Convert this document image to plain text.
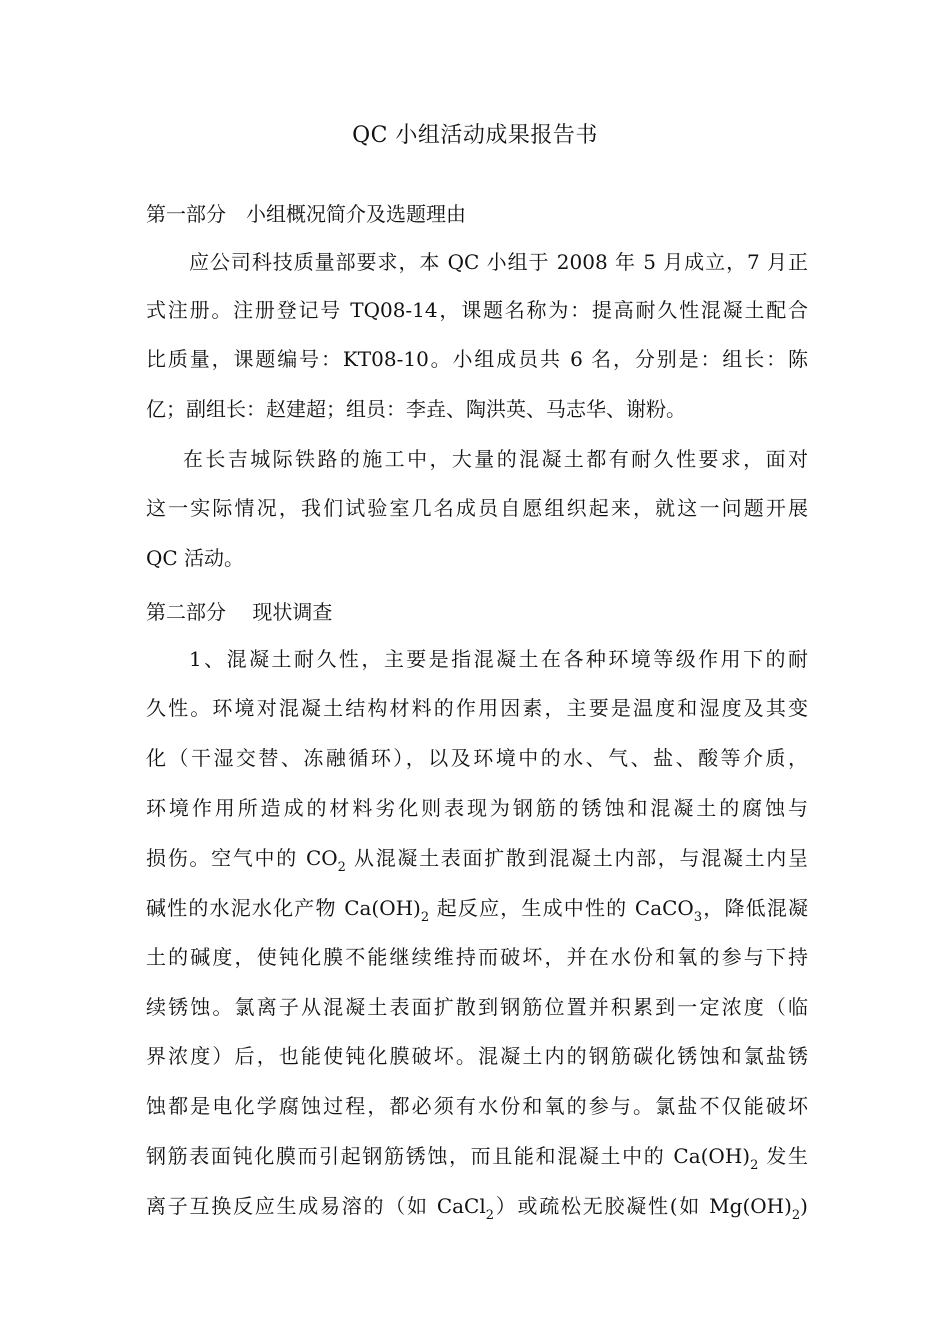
QC 小组活动成果报告书
第一部分　小组概况简介及选题理由
应公司科技质量部要求，本 QC 小组于 2008 年 5 月成立，7 月正
式注册。注册登记号 TQ08-14，课题名称为：提高耐久性混凝土配合
比质量，课题编号：KT08-10。小组成员共 6 名，分别是：组长：陈
亿；副组长：赵建超；组员：李垚、陶洪英、马志华、谢粉。
在长吉城际铁路的施工中，大量的混凝土都有耐久性要求，面对
这一实际情况，我们试验室几名成员自愿组织起来，就这一问题开展
QC 活动。
第二部分　 现状调查
1、混凝土耐久性，主要是指混凝土在各种环境等级作用下的耐
久性。环境对混凝土结构材料的作用因素，主要是温度和湿度及其变
化（干湿交替、冻融循环），以及环境中的水、气、盐、酸等介质，
环境作用所造成的材料劣化则表现为钢筋的锈蚀和混凝土的腐蚀与
损伤。空气中的 $CO_2$ 从混凝土表面扩散到混凝土内部，与混凝土内呈
碱性的水泥水化产物 $Ca(OH)_2$ 起反应，生成中性的 CaCO$_3$，降低混凝
土的碱度，使钝化膜不能继续维持而破坏，并在水份和氧的参与下持
续锈蚀。氯离子从混凝土表面扩散到钢筋位置并积累到一定浓度（临
界浓度）后，也能使钝化膜破坏。混凝土内的钢筋碳化锈蚀和氯盐锈
蚀都是电化学腐蚀过程，都必须有水份和氧的参与。氯盐不仅能破坏
钢筋表面钝化膜而引起钢筋锈蚀，而且能和混凝土中的 $Ca(OH)_2$ 发生
离子互换反应生成易溶的（如 CaCl$_2$）或疏松无胶凝性(如 $Mg(OH)_2$)
